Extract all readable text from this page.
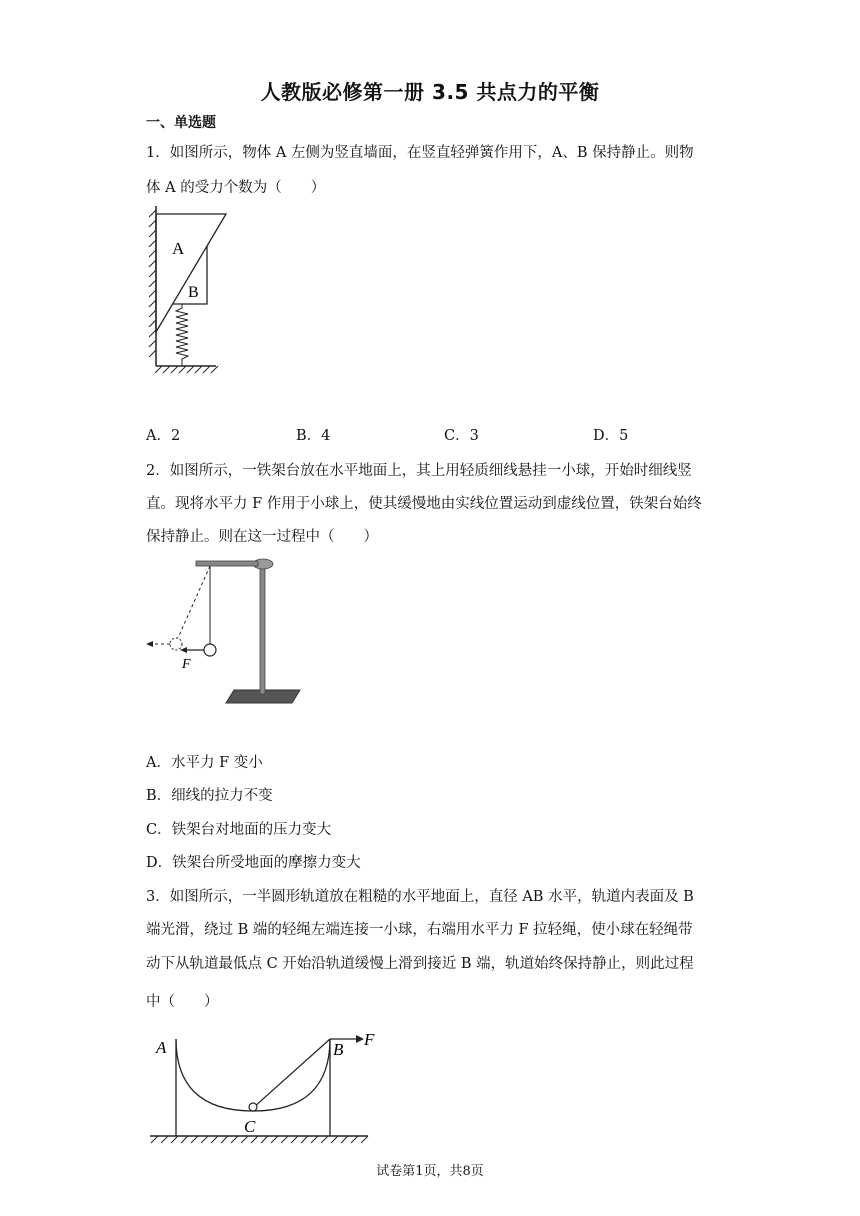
人教版必修第一册 3.5 共点力的平衡
一、单选题
1．如图所示，物体 A 左侧为竖直墙面，在竖直轻弹簧作用下，A、B 保持静止。则物
体 A 的受力个数为（　　）
A
B
A．2	B．4	C．3	D．5
2．如图所示，一铁架台放在水平地面上，其上用轻质细线悬挂一小球，开始时细线竖
直。现将水平力 F 作用于小球上，使其缓慢地由实线位置运动到虚线位置，铁架台始终
保持静止。则在这一过程中（　　）
F
A．水平力 F 变小
B．细线的拉力不变
C．铁架台对地面的压力变大
D．铁架台所受地面的摩擦力变大
3．如图所示，一半圆形轨道放在粗糙的水平地面上，直径 AB 水平，轨道内表面及 B
端光滑，绕过 B 端的轻绳左端连接一小球，右端用水平力 F 拉轻绳，使小球在轻绳带
动下从轨道最低点 C 开始沿轨道缓慢上滑到接近 B 端，轨道始终保持静止，则此过程
中（　　）
A	B
F
C
试卷第1页，共8页
